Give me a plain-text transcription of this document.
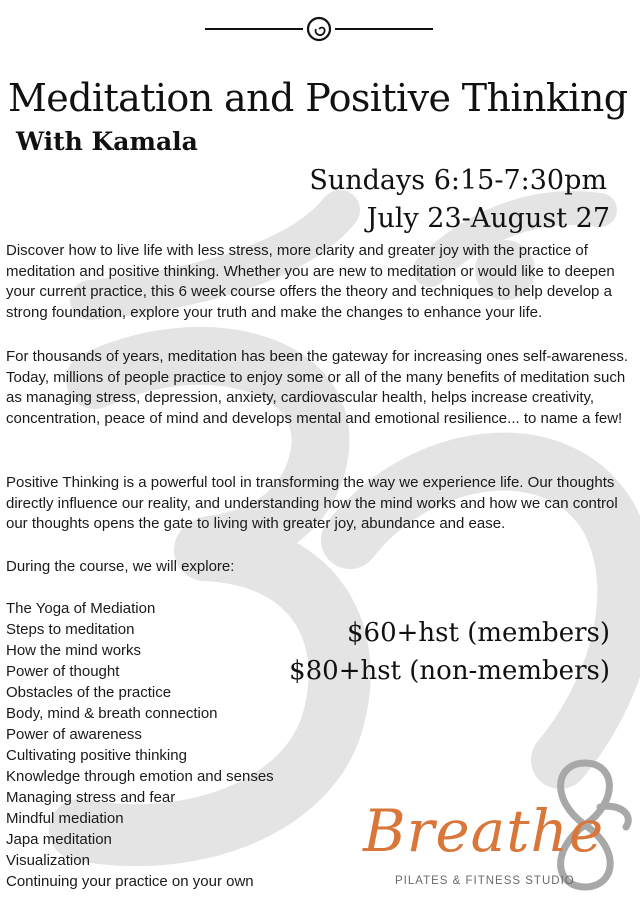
Meditation and Positive Thinking
With Kamala

Sundays 6:15-7:30pm

July 23-August 27

Discover how to live life with less stress, more clarity and greater joy with the practice of meditation and positive thinking. Whether you are new to meditation or would like to deepen your current practice, this 6 week course offers the theory and techniques to help develop a strong foundation, explore your truth and make the changes to enhance your life.

For thousands of years, meditation has been the gateway for increasing ones self-awareness. Today, millions of people practice to enjoy some or all of the many benefits of meditation such as managing stress, depression, anxiety, cardiovascular health, helps increase creativity, concentration, peace of mind and develops mental and emotional resilience... to name a few!

Positive Thinking is a powerful tool in transforming the way we experience life. Our thoughts directly influence our reality, and understanding how the mind works and how we can control our thoughts opens the gate to living with greater joy, abundance and ease.

During the course, we will explore:

The Yoga of Mediation
Steps to meditation
How the mind works
Power of thought
Obstacles of the practice
Body, mind & breath connection
Power of awareness
Cultivating positive thinking
Knowledge through emotion and senses
Managing stress and fear
Mindful mediation
Japa meditation
Visualization
Continuing your practice on your own

$60+hst (members)

$80+hst (non-members)

Breathe
PILATES & FITNESS STUDIO
